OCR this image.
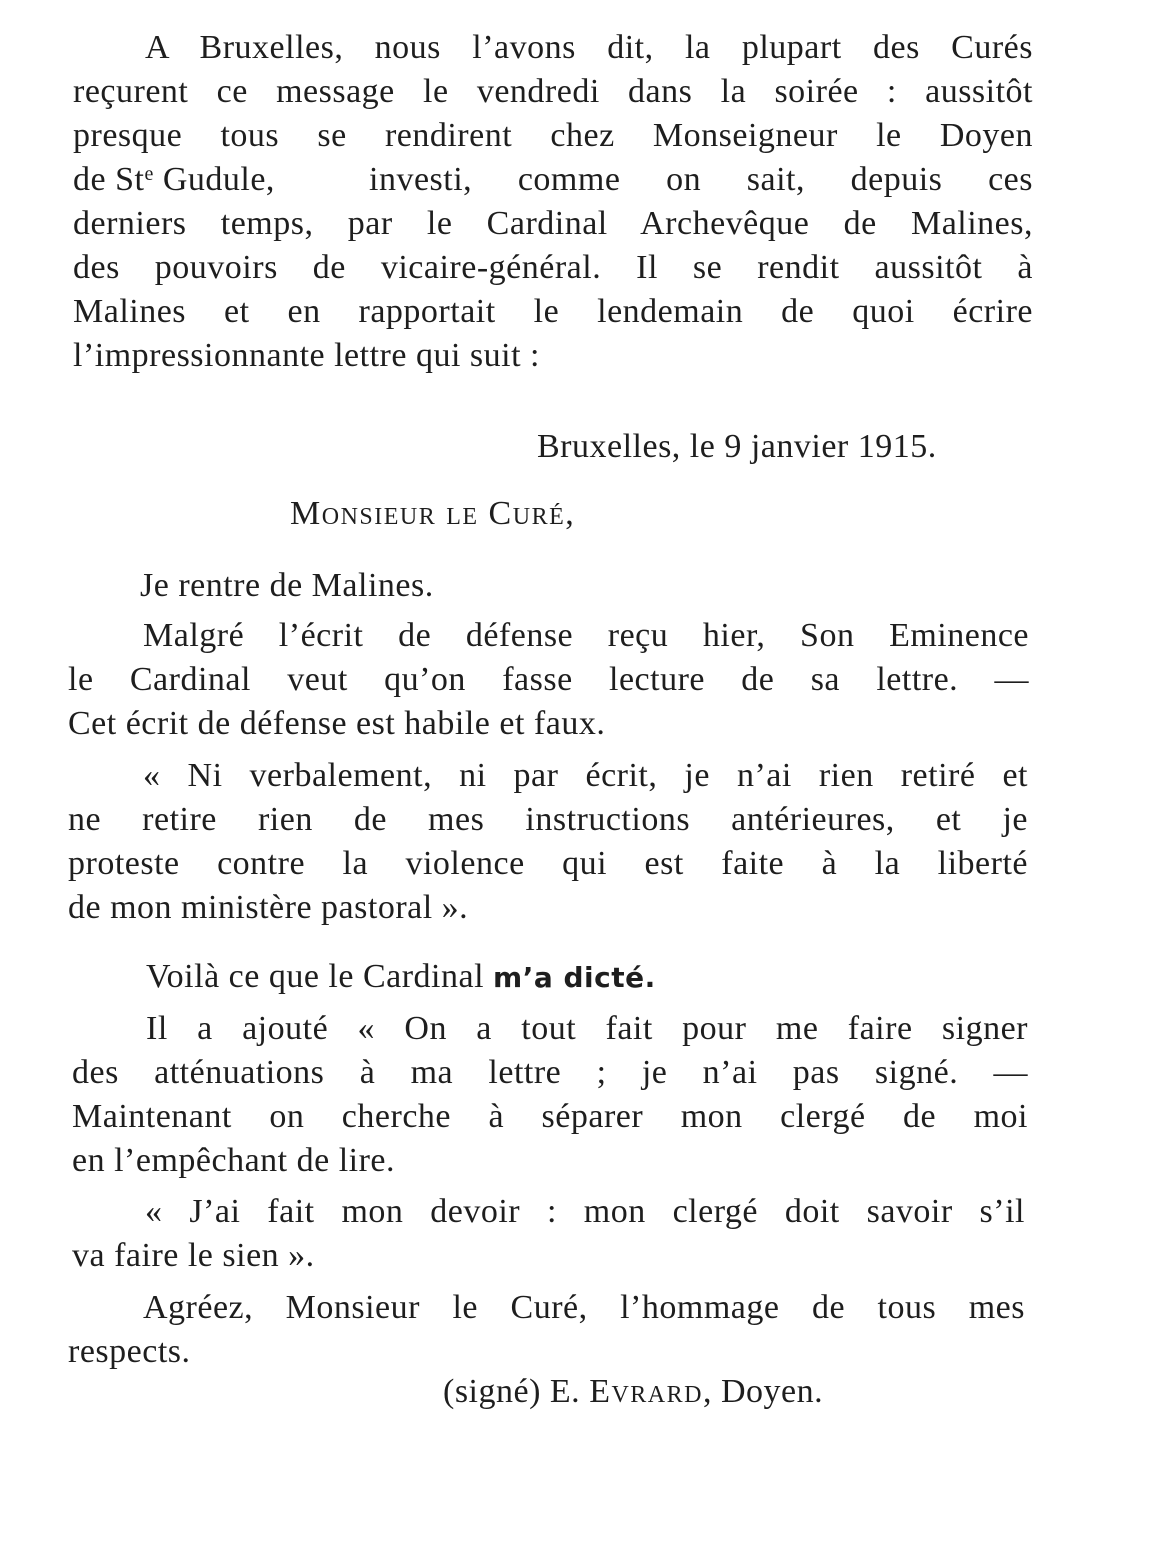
A Bruxelles, nous l’avons dit, la plupart des Curés
reçurent ce message le vendredi dans la soirée : aussitôt
presque tous se rendirent chez Monseigneur le Doyen
de St$^e$ Gudule,	investi, comme on sait, depuis ces
derniers temps, par le Cardinal Archevêque de Malines,
des pouvoirs de vicaire-général. Il se rendit aussitôt à
Malines et en rapportait le lendemain de quoi écrire
l’impressionnante lettre qui suit :
Bruxelles, le 9 janvier 1915.
Monsieur le Curé,
Je rentre de Malines.
Malgré l’écrit de défense reçu hier, Son Eminence
le Cardinal veut qu’on fasse lecture de sa lettre. —
Cet écrit de défense est habile et faux.
« Ni verbalement, ni par écrit, je n’ai rien retiré et
ne retire rien de mes instructions antérieures, et je
proteste contre la violence qui est faite à la liberté
de mon ministère pastoral ».
Voilà ce que le Cardinal m’a dicté.
Il a ajouté « On a tout fait pour me faire signer
des atténuations à ma lettre ; je n’ai pas signé. —
Maintenant on cherche à séparer mon clergé de moi
en l’empêchant de lire.
« J’ai fait mon devoir : mon clergé doit savoir s’il
va faire le sien ».
Agréez, Monsieur le Curé, l’hommage de tous mes
respects.
(signé) E. Evrard, Doyen.
